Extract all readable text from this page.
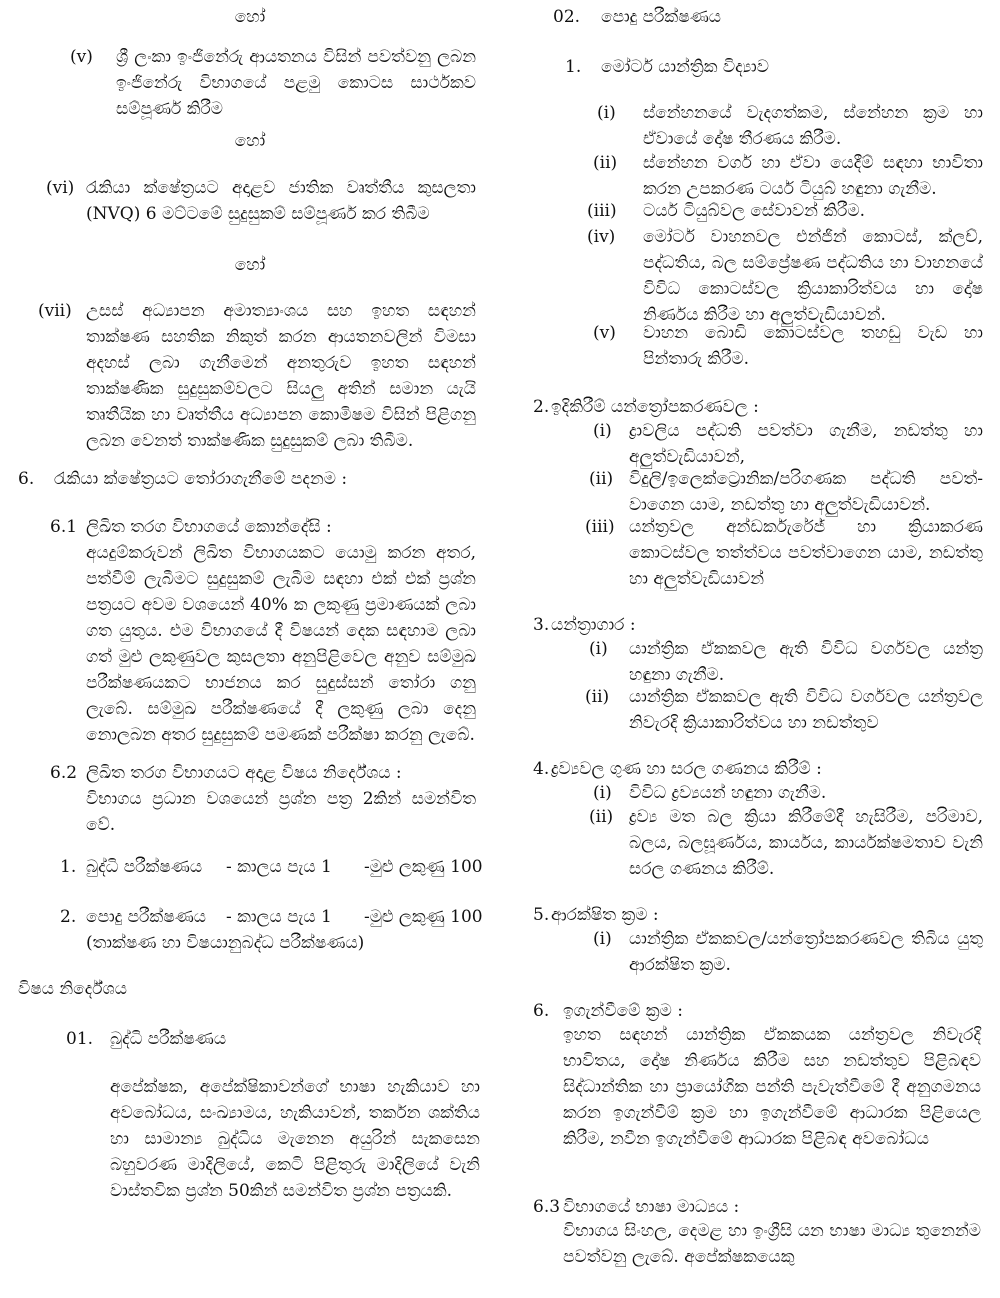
හෝ
(v) ශ්‍රී ලංකා ඉංජිනේරු ආයතනය විසින් පවත්වනු ලබන ඉංජිනේරු විභාගයේ පළමු කොටස සාර්ථකව සම්පූර්ණ කිරීම
හෝ
(vi) රැකියා ක්ෂේත්‍රයට අදාළව ජාතික වෘත්තීය කුසලතා (NVQ) 6 මට්ටමේ සුදුසුකම් සම්පූර්ණ කර තිබීම
හෝ
(vii) උසස් අධ්‍යාපන අමාත්‍යාංශය සහ ඉහත සඳහන් තාක්ෂණ සහතික නිකුත් කරන ආයතනවලින් විමසා අදහස් ලබා ගැනීමෙන් අනතුරුව ඉහත සඳහන් තාක්ෂණික සුදුසුකම්වලට සියලු අතින් සමාන යැයි තෘතීයික හා වෘත්තීය අධ්‍යාපන කොමිෂම විසින් පිළිගනු ලබන වෙනත් තාක්ෂණික සුදුසුකම් ලබා තිබීම.
6. රැකියා ක්ෂේත්‍රයට තෝරාගැනීමේ පදනම :
6.1 ලිඛිත තරග විභාගයේ කොන්දේසි :
අයදුම්කරුවන් ලිඛිත විභාගයකට යොමු කරන අතර, පත්වීම් ලැබීමට සුදුසුකම් ලැබීම සඳහා එක් එක් ප්‍රශ්න පත්‍රයට අවම වශයෙන් 40% ක ලකුණු ප්‍රමාණයක් ලබා ගත යුතුය. එම විභාගයේ දී විෂයන් දෙක සඳහාම ලබා ගත් මුළු ලකුණුවල කුසලතා අනුපිළිවෙල අනුව සම්මුඛ පරීක්ෂණයකට භාජනය කර සුදුස්සන් තෝරා ගනු ලැබේ. සම්මුඛ පරීක්ෂණයේ දී ලකුණු ලබා දෙනු නොලබන අතර සුදුසුකම් පමණක් පරීක්ෂා කරනු ලැබේ.
6.2 ලිඛිත තරග විභාගයට අදාළ විෂය නිර්දේශය :
විභාගය ප්‍රධාන වශයෙන් ප්‍රශ්න පත්‍ර 2කින් සමන්විත වේ.
1. බුද්ධි පරීක්ෂණය - කාලය පැය 1 -මුළු ලකුණු 100
2. පොදු පරීක්ෂණය - කාලය පැය 1 -මුළු ලකුණු 100
(තාක්ෂණ හා විෂයානුබද්ධ පරීක්ෂණය)
විෂය නිර්දේශය
01. බුද්ධි පරීක්ෂණය
අපේක්ෂක, අපේක්ෂිකාවන්ගේ භාෂා හැකියාව හා අවබෝධය, සංඛ්‍යාමය, හැකියාවන්, තර්කන ශක්තිය හා සාමාන්‍ය බුද්ධිය මැනෙන අයුරින් සැකසෙන බහුවරණ මාදිලියේ, කෙටි පිළිතුරු මාදිලියේ වැනි වාස්තවික ප්‍රශ්න 50කින් සමන්විත ප්‍රශ්න පත්‍රයකි.
02. පොදු පරීක්ෂණය
1. මෝටර් යාන්ත්‍රික විද්‍යාව
(i) ස්නේහනයේ වැදගත්කම, ස්නේහන ක්‍රම හා ඒවායේ දෝෂ තීරණය කිරීම.
(ii) ස්නේහන වර්ග හා ඒවා යෙදීම් සඳහා භාවිතා කරන උපකරණ ටයර් ටියුබ් හඳුනා ගැනීම.
(iii) ටයර් ටියුබ්වල සේවාවන් කිරීම.
(iv) මෝටර් වාහනවල එන්ජින් කොටස්, ක්ලච්, පද්ධතිය, බල සම්ප්‍රේෂණ පද්ධතිය හා වාහනයේ විවිධ කොටස්වල ක්‍රියාකාරිත්වය හා දෝෂ නිර්ණය කිරීම හා අලුත්වැඩියාවන්.
(v) වාහන බොඩි කොටස්වල තහඩු වැඩ හා පින්තාරු කිරීම.
2. ඉදිකිරීම් යන්ත්‍රෝපකරණවල :
(i) ද්‍රාවලිය පද්ධති පවත්වා ගැනීම, නඩත්තු හා අලුත්වැඩියාවන්,
(ii) විදුලි/ඉලෙක්ට්‍රොනික/පරිගණක පද්ධති පවත්-වාගෙන යාම, නඩත්තු හා අලුත්වැඩියාවන්.
(iii) යන්ත්‍රවල අන්ඩර්කැරේජ් හා ක්‍රියාකරණ කොටස්වල තත්ත්වය පවත්වාගෙන යාම, නඩත්තු හා අලුත්වැඩියාවන්
3. යන්ත්‍රාගාර :
(i) යාන්ත්‍රික ඒකකවල ඇති විවිධ වර්ගවල යන්ත්‍ර හඳුනා ගැනීම.
(ii) යාන්ත්‍රික ඒකකවල ඇති විවිධ වර්ගවල යන්ත්‍රවල නිවැරදි ක්‍රියාකාරිත්වය හා නඩත්තුව
4. ද්‍රව්‍යවල ගුණ හා සරල ගණනය කිරීම් :
(i) විවිධ ද්‍රව්‍යයන් හඳුනා ගැනීම.
(ii) ද්‍රව්‍ය මත බල ක්‍රියා කිරීමේදී හැසිරීම, පරිමාව, බලය, බලඝූර්ණය, කාර්යය, කාර්යක්ෂමතාව වැනි සරල ගණනය කිරීම්.
5. ආරක්ෂිත ක්‍රම :
(i) යාන්ත්‍රික ඒකකවල/යන්ත්‍රෝපකරණවල තිබිය යුතු ආරක්ෂිත ක්‍රම.
6. ඉගැන්වීමේ ක්‍රම :
ඉහත සඳහන් යාන්ත්‍රික ඒකකයක යන්ත්‍රවල නිවැරදි භාවිතය, දෝෂ නිර්ණය කිරීම සහ නඩත්තුව පිළිබඳව සිද්ධාන්තික හා ප්‍රායෝගික පන්ති පැවැත්වීමේ දී අනුගමනය කරන ඉගැන්වීම් ක්‍රම හා ඉගැන්වීමේ ආධාරක පිළියෙල කිරීම, නවීන ඉගැන්වීමේ ආධාරක පිළිබඳ අවබෝධය
6.3 විභාගයේ භාෂා මාධ්‍යය :
විභාගය සිංහල, දෙමළ හා ඉංග්‍රීසි යන භාෂා මාධ්‍ය තුනෙන්ම පවත්වනු ලැබේ. අපේක්ෂකයෙකු
